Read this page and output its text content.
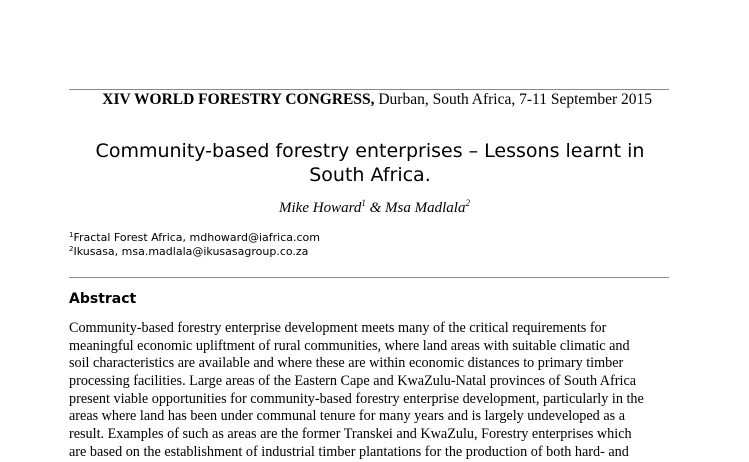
XIV WORLD FORESTRY CONGRESS, Durban, South Africa, 7-11 September 2015
Community-based forestry enterprises – Lessons learnt in
South Africa.
Mike Howard$^1$ & Msa Madlala$^2$
$^1$Fractal Forest Africa, mdhoward@iafrica.com
$^2$Ikusasa, msa.madlala@ikusasagroup.co.za
Abstract
Community-based forestry enterprise development meets many of the critical requirements for
meaningful economic upliftment of rural communities, where land areas with suitable climatic and
soil characteristics are available and where these are within economic distances to primary timber
processing facilities. Large areas of the Eastern Cape and KwaZulu-Natal provinces of South Africa
present viable opportunities for community-based forestry enterprise development, particularly in the
areas where land has been under communal tenure for many years and is largely undeveloped as a
result. Examples of such as areas are the former Transkei and KwaZulu, Forestry enterprises which
are based on the establishment of industrial timber plantations for the production of both hard- and
